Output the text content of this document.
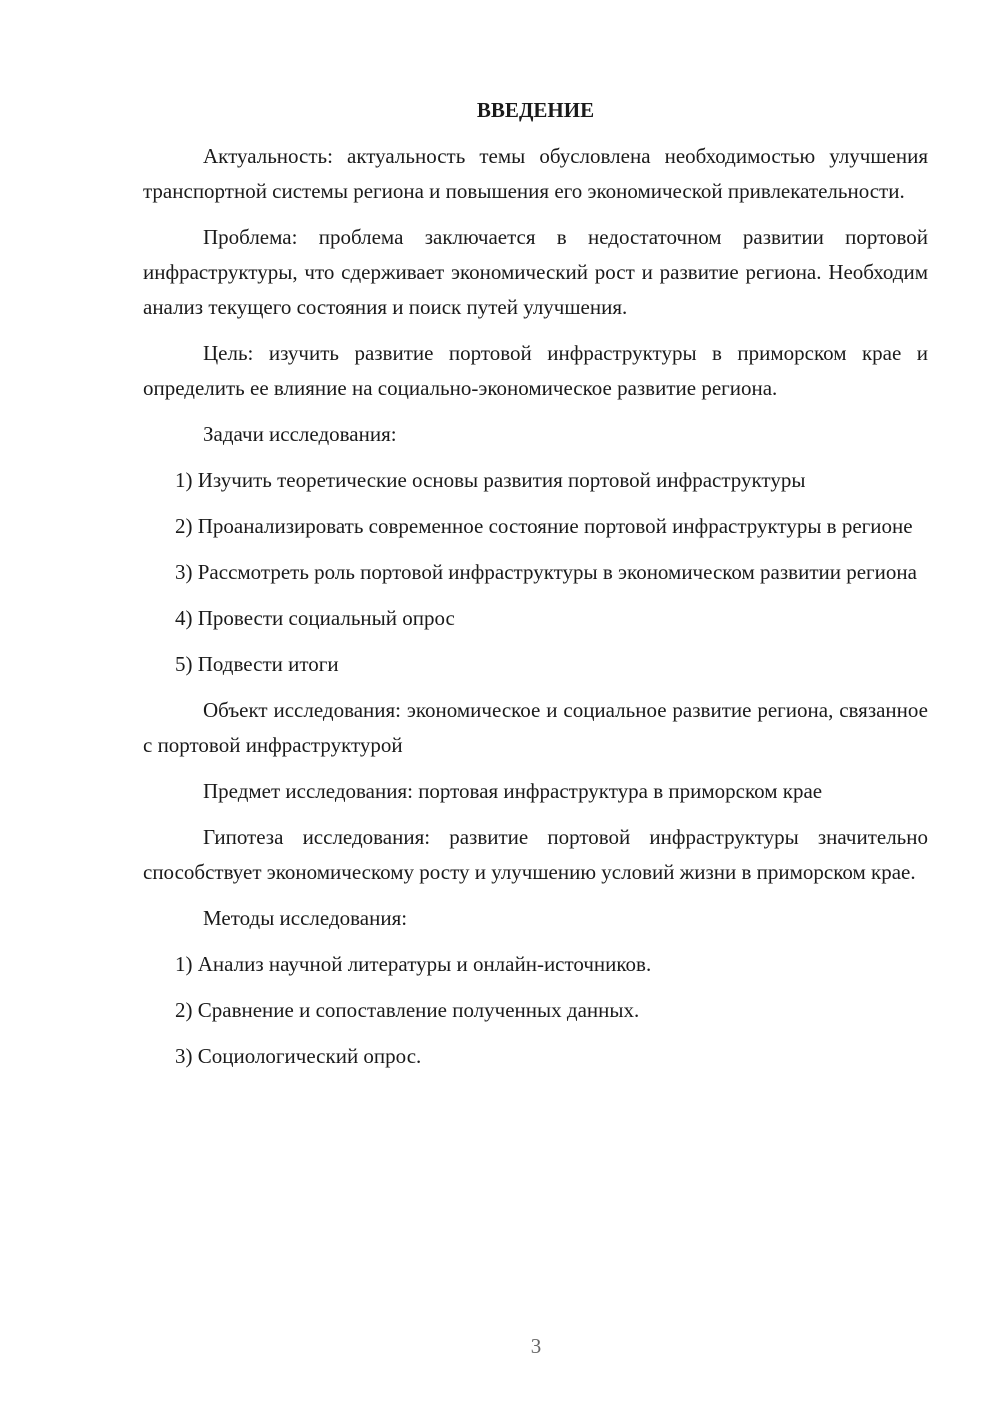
ВВЕДЕНИЕ

Актуальность: актуальность темы обусловлена необходимостью улучшения транспортной системы региона и повышения его экономической привлекательности.

Проблема: проблема заключается в недостаточном развитии портовой инфраструктуры, что сдерживает экономический рост и развитие региона. Необходим анализ текущего состояния и поиск путей улучшения.

Цель: изучить развитие портовой инфраструктуры в приморском крае и определить ее влияние на социально-экономическое развитие региона.

Задачи исследования:

1) Изучить теоретические основы развития портовой инфраструктуры

2) Проанализировать современное состояние портовой инфраструктуры в регионе

3) Рассмотреть роль портовой инфраструктуры в экономическом развитии региона

4) Провести социальный опрос

5) Подвести итоги

Объект исследования: экономическое и социальное развитие региона, связанное с портовой инфраструктурой

Предмет исследования: портовая инфраструктура в приморском крае

Гипотеза исследования: развитие портовой инфраструктуры значительно способствует экономическому росту и улучшению условий жизни в приморском крае.

Методы исследования:

1) Анализ научной литературы и онлайн-источников.

2) Сравнение и сопоставление полученных данных.

3) Социологический опрос.

3
